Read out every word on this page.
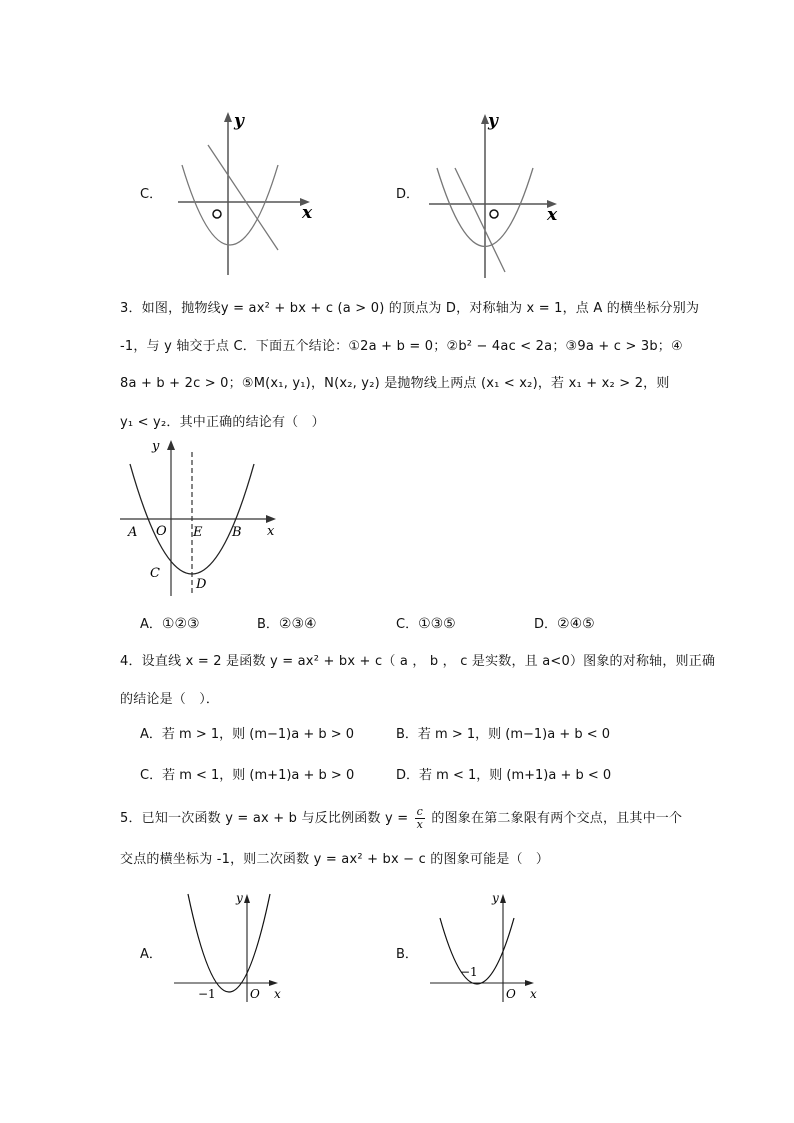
C．
y
x
D．
y
x
3．如图，抛物线y = ax² + bx + c (a > 0) 的顶点为 D，对称轴为 x = 1，点 A 的横坐标分别为
-1，与 y 轴交于点 C．下面五个结论：①2a + b = 0；②b² − 4ac < 2a；③9a + c > 3b；④
8a + b + 2c > 0；⑤M(x₁, y₁)，N(x₂, y₂) 是抛物线上两点 (x₁ < x₂)，若 x₁ + x₂ > 2，则
y₁ < y₂．其中正确的结论有（　）
y
x
A O E B
C
D
A．①②③	B．②③④	C．①③⑤	D．②④⑤
4．设直线 x = 2 是函数 y = ax² + bx + c（ a ， b ， c 是实数，且 a<0）图象的对称轴，则正确
的结论是（　）．
A．若 m > 1，则 (m−1)a + b > 0	B．若 m > 1，则 (m−1)a + b < 0
C．若 m < 1，则 (m+1)a + b > 0	D．若 m < 1，则 (m+1)a + b < 0
5．已知一次函数 y = ax + b 与反比例函数 $y = \frac{c}{x}$ 的图象在第二象限有两个交点，且其中一个
交点的横坐标为 -1，则二次函数 y = ax² + bx − c 的图象可能是（　）
A．
y
x
O
−1
B．
y
x
O
−1
